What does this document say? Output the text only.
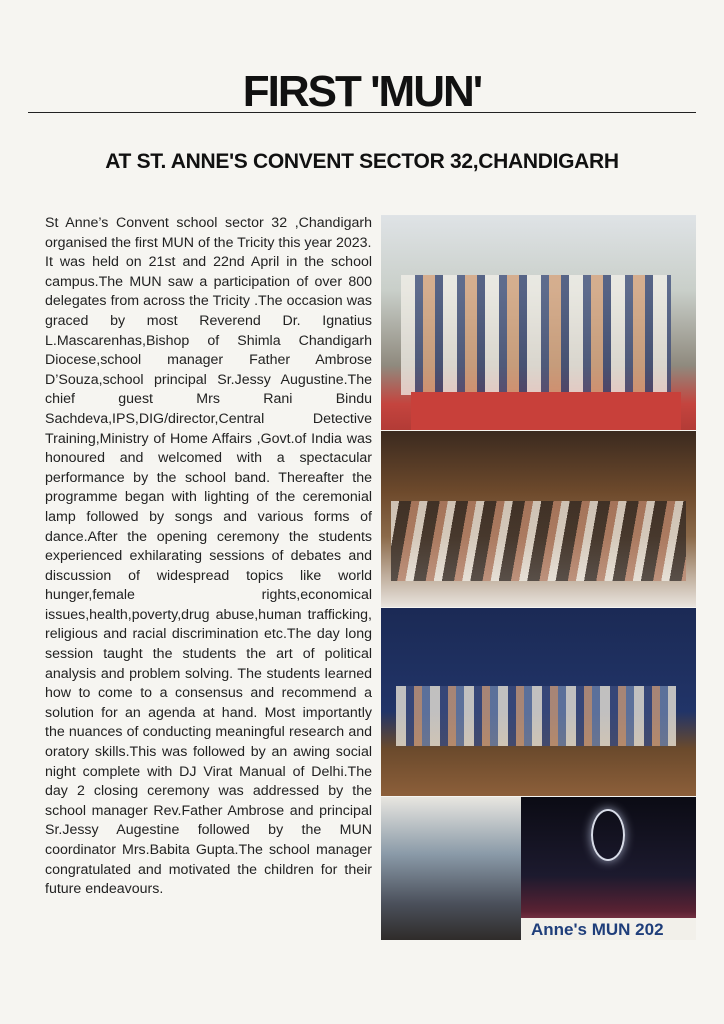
FIRST 'MUN'
AT ST. ANNE'S CONVENT SECTOR 32,CHANDIGARH

St Anne’s Convent school sector 32 ,Chandigarh organised the first MUN of the Tricity this year 2023.

It was held on 21st and 22nd April in the school campus.The MUN saw a participation of over 800 delegates from across the Tricity .The occasion was graced by most Reverend Dr. Ignatius L.Mascarenhas,Bishop of Shimla Chandigarh Diocese,school manager Father Ambrose D’Souza,school principal Sr.Jessy Augustine.The chief guest Mrs Rani Bindu Sachdeva,IPS,DIG/director,Central Detective Training,Ministry of Home Affairs ,Govt.of India was honoured and welcomed with a spectacular performance by the school band. Thereafter the programme began with lighting of the ceremonial lamp followed by songs and various forms of dance.After the opening ceremony the students experienced exhilarating sessions of debates and discussion of widespread topics like world hunger,female rights,economical issues,health,poverty,drug abuse,human trafficking, religious and racial discrimination etc.The day long session taught the students the art of political analysis and problem solving. The students learned how to come to a consensus and recommend a solution for an agenda at hand. Most importantly the nuances of conducting meaningful research and oratory skills.This was followed by an awing social night complete with DJ Virat Manual of Delhi.The day 2 closing ceremony was addressed by the school manager Rev.Father Ambrose and principal Sr.Jessy Augestine followed by the MUN coordinator Mrs.Babita Gupta.The school manager congratulated and motivated the children for their future endeavours.

Anne's MUN 202
